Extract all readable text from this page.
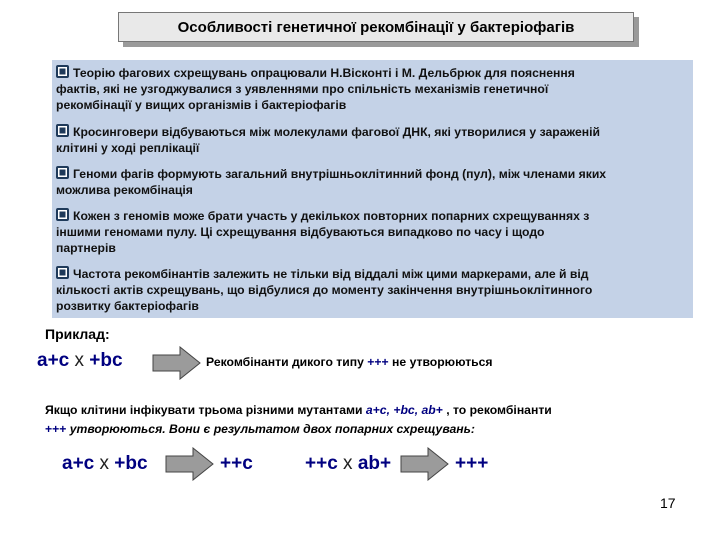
Особливості генетичної рекомбінації у бактеріофагів
Теорію фагових схрещувань опрацювали Н.Вісконті і М. Дельбрюк для пояснення
фактів, які не узгоджувалися з уявленнями про спільність механізмів генетичної
рекомбінації у вищих організмів і бактеріофагів
Кросинговери відбуваються між молекулами фагової ДНК, які утворилися у зараженій
клітині у ході реплікації
Геноми фагів формують загальний внутрішньоклітинний фонд (пул), між членами яких
можлива рекомбінація
Кожен з геномів може брати участь у декількох повторних попарних схрещуваннях з
іншими геномами пулу. Ці схрещування відбуваються випадково по часу і щодо
партнерів
Частота рекомбінантів залежить не тільки від віддалі між цими маркерами, але й від
кількості актів схрещувань, що відбулися до моменту закінчення внутрішньоклітинного
розвитку бактеріофагів
Приклад:
a+c x +bc	Рекомбінанти дикого типу +++ не утворюються
Якщо клітини інфікувати трьома різними мутантами a+c, +bc, ab+ , то рекомбінанти
+++ утворюються. Вони є результатом двох попарних схрещувань:
a+c x +bc	++c	++c x ab+	+++
17
